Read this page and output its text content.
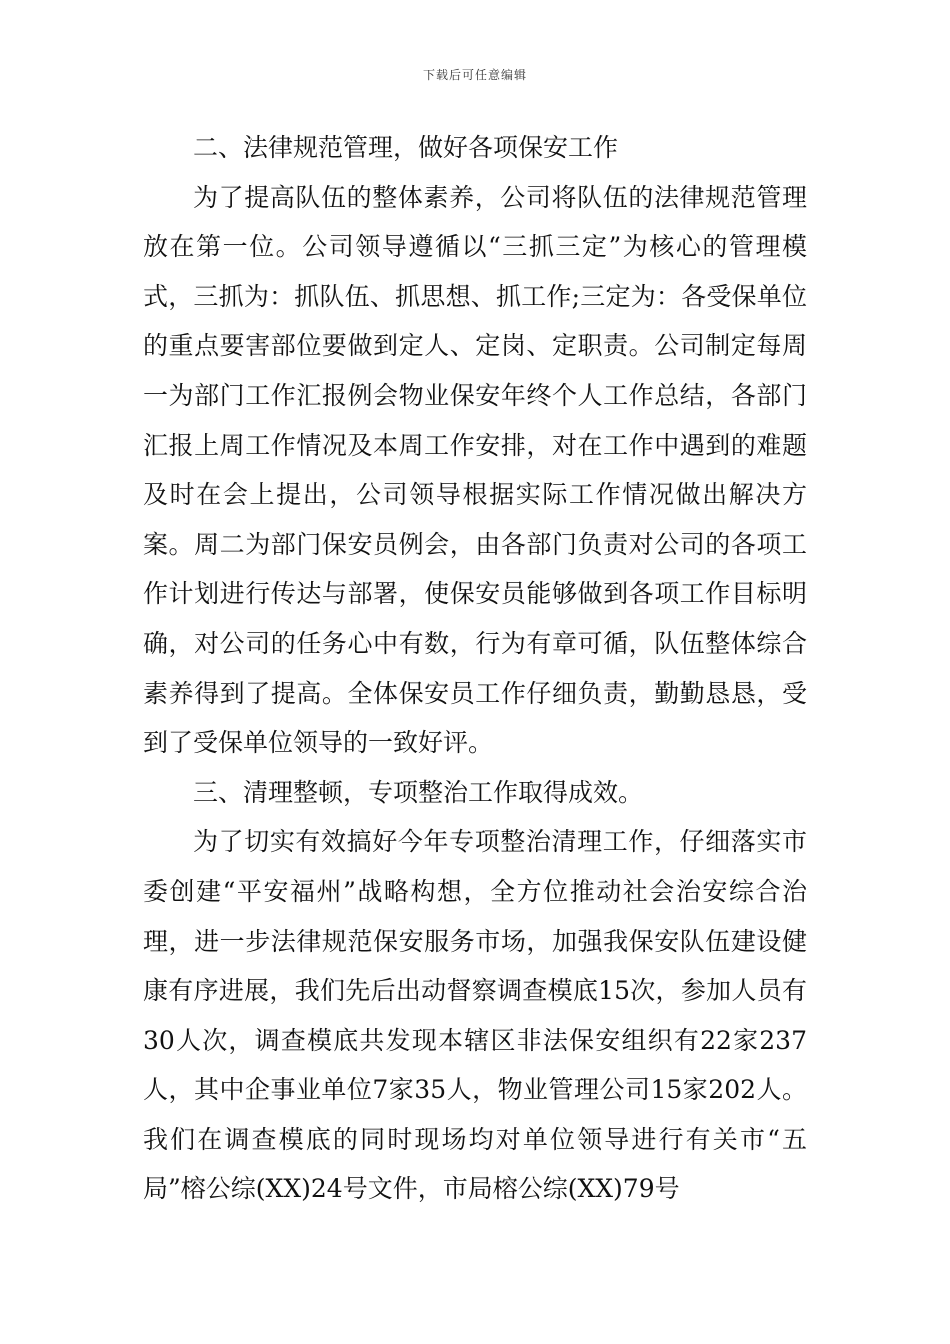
下载后可任意编辑

二、法律规范管理，做好各项保安工作

为了提高队伍的整体素养，公司将队伍的法律规范管理放在第一位。公司领导遵循以“三抓三定”为核心的管理模式，三抓为：抓队伍、抓思想、抓工作;三定为：各受保单位的重点要害部位要做到定人、定岗、定职责。公司制定每周一为部门工作汇报例会物业保安年终个人工作总结，各部门汇报上周工作情况及本周工作安排，对在工作中遇到的难题及时在会上提出，公司领导根据实际工作情况做出解决方案。周二为部门保安员例会，由各部门负责对公司的各项工作计划进行传达与部署，使保安员能够做到各项工作目标明确，对公司的任务心中有数，行为有章可循，队伍整体综合素养得到了提高。全体保安员工作仔细负责，勤勤恳恳，受到了受保单位领导的一致好评。

三、清理整顿，专项整治工作取得成效。

为了切实有效搞好今年专项整治清理工作，仔细落实市委创建“平安福州”战略构想，全方位推动社会治安综合治理，进一步法律规范保安服务市场，加强我保安队伍建设健康有序进展，我们先后出动督察调查模底15次，参加人员有30人次，调查模底共发现本辖区非法保安组织有22家237人，其中企事业单位7家35人，物业管理公司15家202人。我们在调查模底的同时现场均对单位领导进行有关市“五局”榕公综(XX)24号文件，市局榕公综(XX)79号
